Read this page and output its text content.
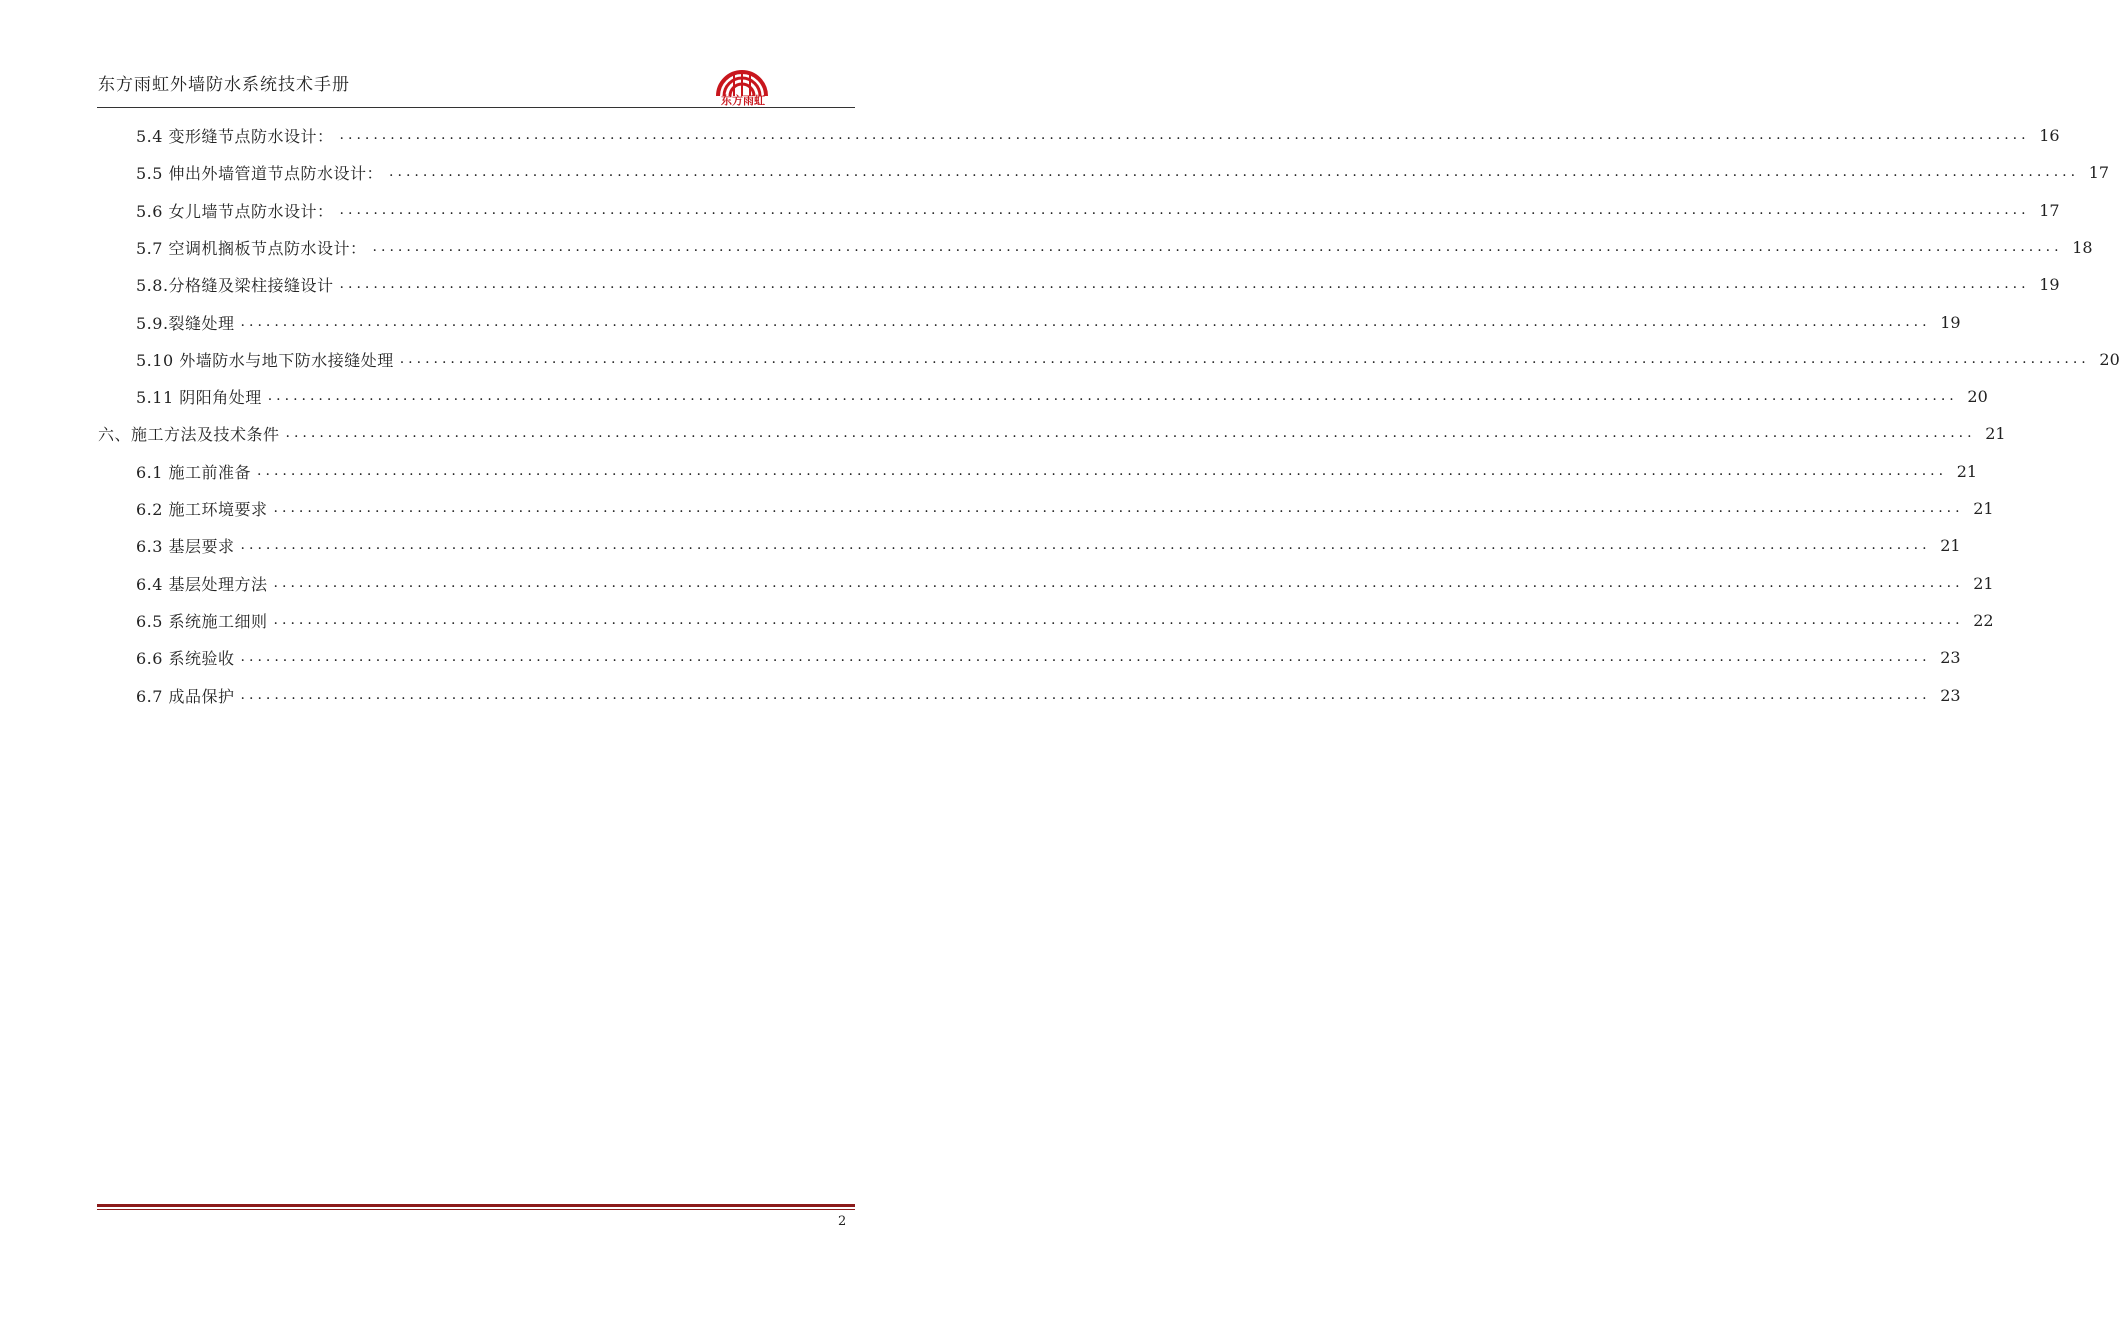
东方雨虹外墙防水系统技术手册
东方雨虹
5.4 变形缝节点防水设计： ........................................................................................................................................................................................................ 16
5.5 伸出外墙管道节点防水设计： ........................................................................................................................................................................................................ 17
5.6 女儿墙节点防水设计： ........................................................................................................................................................................................................ 17
5.7 空调机搁板节点防水设计： ........................................................................................................................................................................................................ 18
5.8.分格缝及梁柱接缝设计 ........................................................................................................................................................................................................ 19
5.9.裂缝处理 ........................................................................................................................................................................................................ 19
5.10 外墙防水与地下防水接缝处理 ........................................................................................................................................................................................................ 20
5.11 阴阳角处理 ........................................................................................................................................................................................................ 20
六、施工方法及技术条件 ........................................................................................................................................................................................................ 21
6.1 施工前准备 ........................................................................................................................................................................................................ 21
6.2 施工环境要求 ........................................................................................................................................................................................................ 21
6.3 基层要求 ........................................................................................................................................................................................................ 21
6.4 基层处理方法 ........................................................................................................................................................................................................ 21
6.5 系统施工细则 ........................................................................................................................................................................................................ 22
6.6 系统验收 ........................................................................................................................................................................................................ 23
6.7 成品保护 ........................................................................................................................................................................................................ 23
2
